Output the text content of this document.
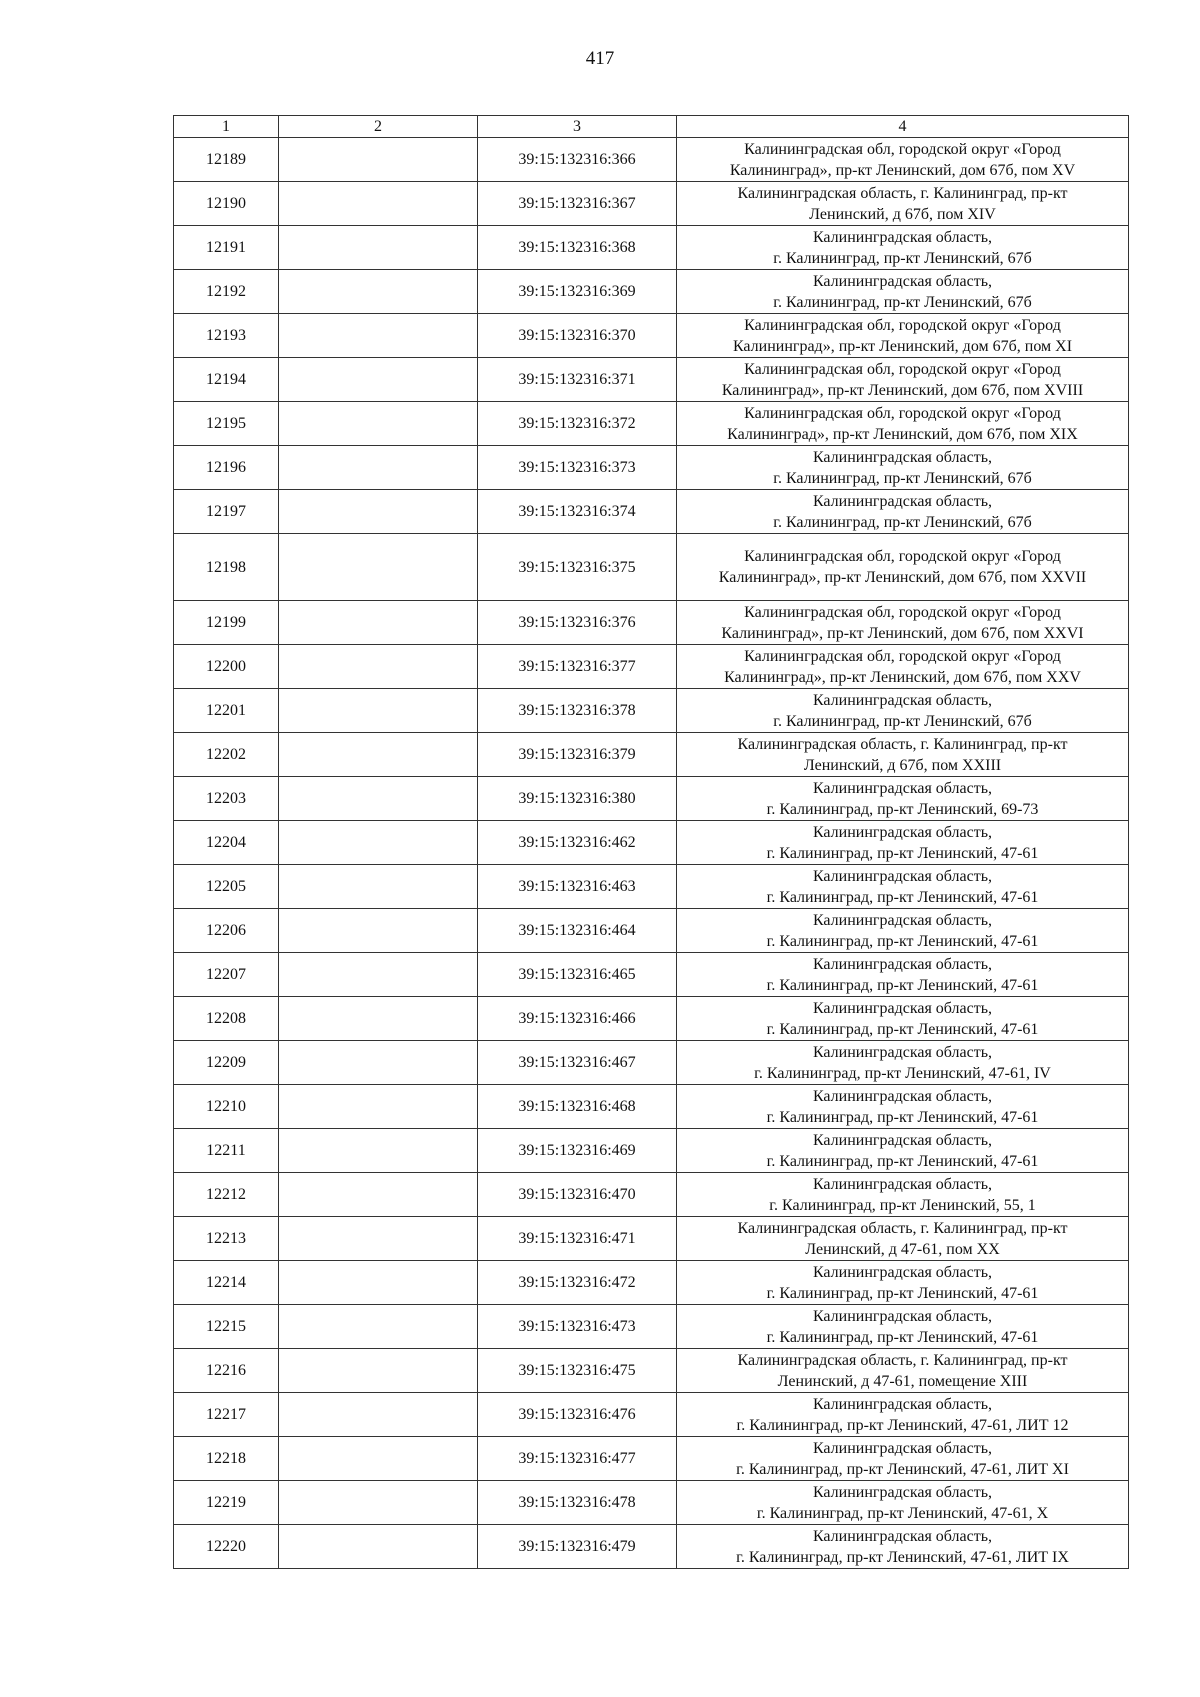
417
1	2	3	4
12189		39:15:132316:366	Калининградская обл, городской округ «Город
Калининград», пр-кт Ленинский, дом 67б, пом XV

12190		39:15:132316:367	Калининградская область, г. Калининград, пр-кт
Ленинский, д 67б, пом XIV

12191		39:15:132316:368	Калининградская область,
г. Калининград, пр-кт Ленинский, 67б

12192		39:15:132316:369	Калининградская область,
г. Калининград, пр-кт Ленинский, 67б

12193		39:15:132316:370	Калининградская обл, городской округ «Город
Калининград», пр-кт Ленинский, дом 67б, пом XI

12194		39:15:132316:371	Калининградская обл, городской округ «Город
Калининград», пр-кт Ленинский, дом 67б, пом XVIII

12195		39:15:132316:372	Калининградская обл, городской округ «Город
Калининград», пр-кт Ленинский, дом 67б, пом XIX

12196		39:15:132316:373	Калининградская область,
г. Калининград, пр-кт Ленинский, 67б

12197		39:15:132316:374	Калининградская область,
г. Калининград, пр-кт Ленинский, 67б

12198		39:15:132316:375	Калининградская обл, городской округ «Город
Калининград», пр-кт Ленинский, дом 67б, пом XXVII

12199		39:15:132316:376	Калининградская обл, городской округ «Город
Калининград», пр-кт Ленинский, дом 67б, пом XXVI

12200		39:15:132316:377	Калининградская обл, городской округ «Город
Калининград», пр-кт Ленинский, дом 67б, пом XXV

12201		39:15:132316:378	Калининградская область,
г. Калининград, пр-кт Ленинский, 67б

12202		39:15:132316:379	Калининградская область, г. Калининград, пр-кт
Ленинский, д 67б, пом XXIII

12203		39:15:132316:380	Калининградская область,
г. Калининград, пр-кт Ленинский, 69-73

12204		39:15:132316:462	Калининградская область,
г. Калининград, пр-кт Ленинский, 47-61

12205		39:15:132316:463	Калининградская область,
г. Калининград, пр-кт Ленинский, 47-61

12206		39:15:132316:464	Калининградская область,
г. Калининград, пр-кт Ленинский, 47-61

12207		39:15:132316:465	Калининградская область,
г. Калининград, пр-кт Ленинский, 47-61

12208		39:15:132316:466	Калининградская область,
г. Калининград, пр-кт Ленинский, 47-61

12209		39:15:132316:467	Калининградская область,
г. Калининград, пр-кт Ленинский, 47-61, IV

12210		39:15:132316:468	Калининградская область,
г. Калининград, пр-кт Ленинский, 47-61

12211		39:15:132316:469	Калининградская область,
г. Калининград, пр-кт Ленинский, 47-61

12212		39:15:132316:470	Калининградская область,
г. Калининград, пр-кт Ленинский, 55, 1

12213		39:15:132316:471	Калининградская область, г. Калининград, пр-кт
Ленинский, д 47-61, пом XX

12214		39:15:132316:472	Калининградская область,
г. Калининград, пр-кт Ленинский, 47-61

12215		39:15:132316:473	Калининградская область,
г. Калининград, пр-кт Ленинский, 47-61

12216		39:15:132316:475	Калининградская область, г. Калининград, пр-кт
Ленинский, д 47-61, помещение XIII

12217		39:15:132316:476	Калининградская область,
г. Калининград, пр-кт Ленинский, 47-61, ЛИТ 12

12218		39:15:132316:477	Калининградская область,
г. Калининград, пр-кт Ленинский, 47-61, ЛИТ XI

12219		39:15:132316:478	Калининградская область,
г. Калининград, пр-кт Ленинский, 47-61, X

12220		39:15:132316:479	Калининградская область,
г. Калининград, пр-кт Ленинский, 47-61, ЛИТ IX
